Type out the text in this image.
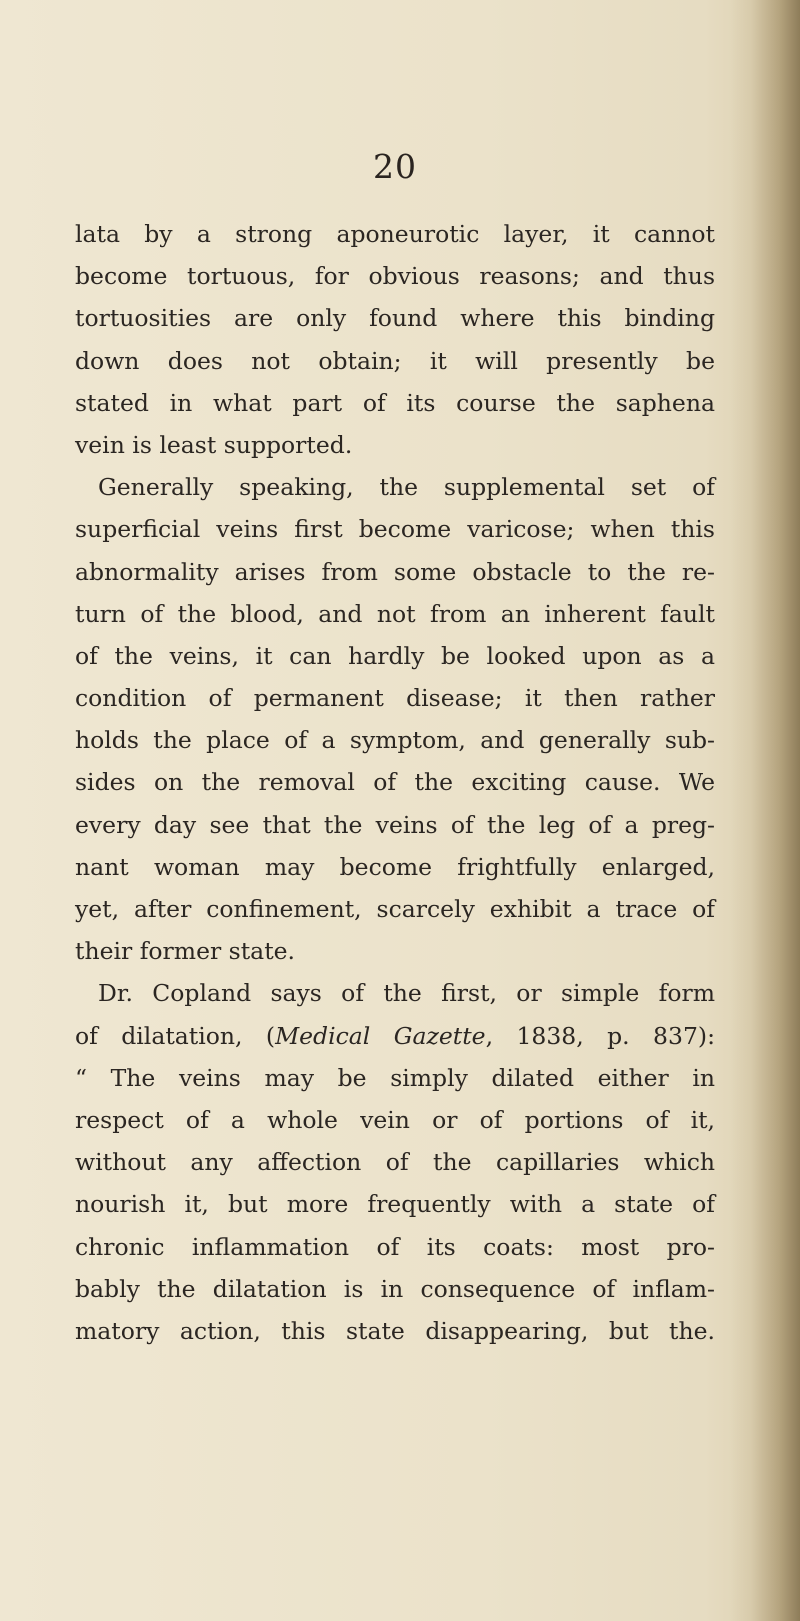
20
lata by a strong aponeurotic layer, it cannot
become tortuous, for obvious reasons; and thus
tortuosities are only found where this binding
down does not obtain; it will presently be
stated in what part of its course the saphena
vein is least supported.
Generally speaking, the supplemental set of
superficial veins first become varicose; when this
abnormality arises from some obstacle to the re-
turn of the blood, and not from an inherent fault
of the veins, it can hardly be looked upon as a
condition of permanent disease; it then rather
holds the place of a symptom, and generally sub-
sides on the removal of the exciting cause. We
every day see that the veins of the leg of a preg-
nant woman may become frightfully enlarged,
yet, after confinement, scarcely exhibit a trace of
their former state.
Dr. Copland says of the first, or simple form
of dilatation, (Medical Gazette, 1838, p. 837):
“ The veins may be simply dilated either in
respect of a whole vein or of portions of it,
without any affection of the capillaries which
nourish it, but more frequently with a state of
chronic inflammation of its coats: most pro-
bably the dilatation is in consequence of inflam-
matory action, this state disappearing, but the.
